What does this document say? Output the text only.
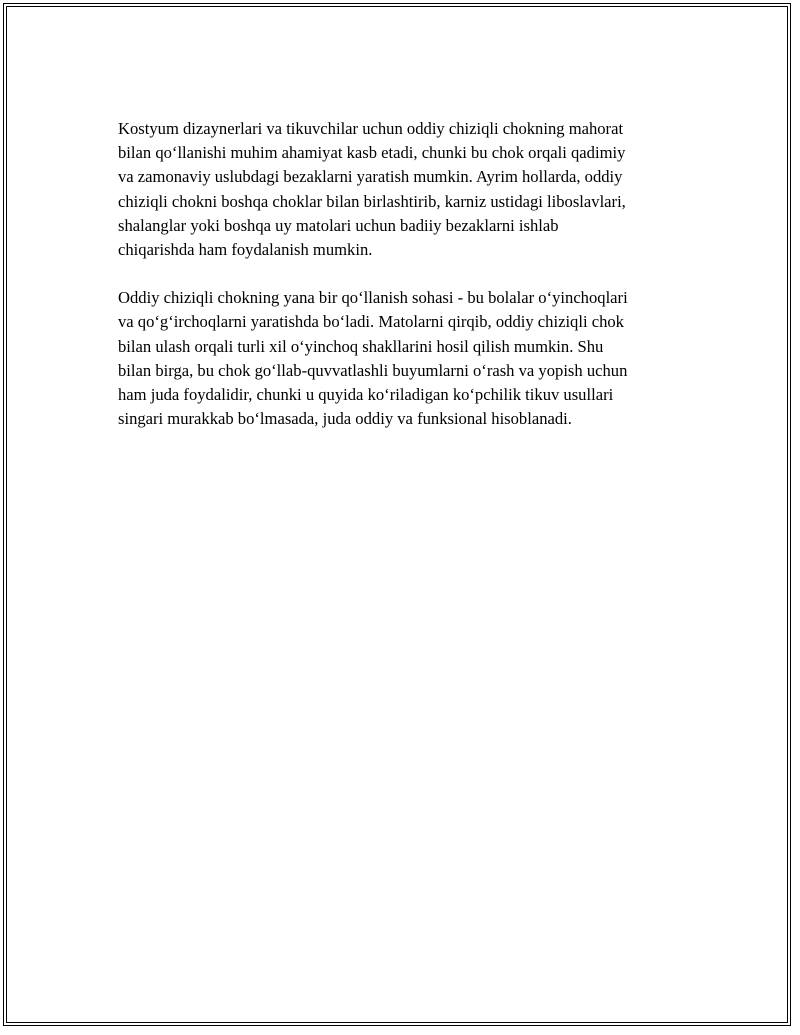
Kostyum dizaynerlari va tikuvchilar uchun oddiy chiziqli chokning mahorat
bilan qo‘llanishi muhim ahamiyat kasb etadi, chunki bu chok orqali qadimiy
va zamonaviy uslubdagi bezaklarni yaratish mumkin. Ayrim hollarda, oddiy
chiziqli chokni boshqa choklar bilan birlashtirib, karniz ustidagi liboslavlari,
shalanglar yoki boshqa uy matolari uchun badiiy bezaklarni ishlab
chiqarishda ham foydalanish mumkin.

Oddiy chiziqli chokning yana bir qo‘llanish sohasi - bu bolalar o‘yinchoqlari
va qo‘g‘irchoqlarni yaratishda bo‘ladi. Matolarni qirqib, oddiy chiziqli chok
bilan ulash orqali turli xil o‘yinchoq shakllarini hosil qilish mumkin. Shu
bilan birga, bu chok go‘llab-quvvatlashli buyumlarni o‘rash va yopish uchun
ham juda foydalidir, chunki u quyida ko‘riladigan ko‘pchilik tikuv usullari
singari murakkab bo‘lmasada, juda oddiy va funksional hisoblanadi.
